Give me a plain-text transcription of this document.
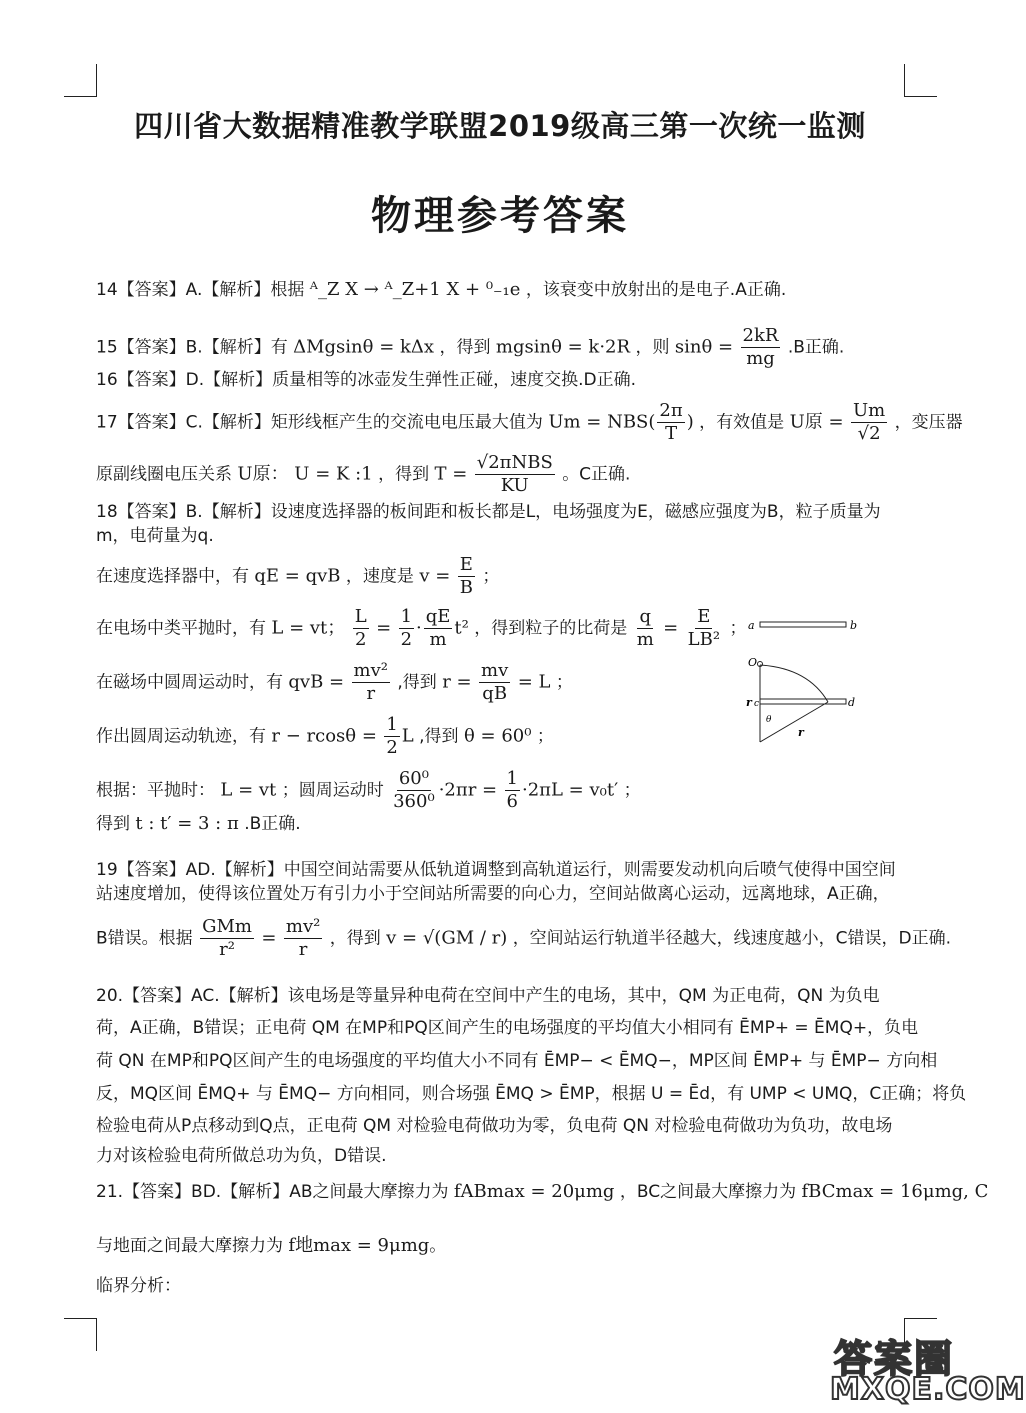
四川省大数据精准教学联盟2019级高三第一次统一监测
物理参考答案
14【答案】A.【解析】根据 ᴬ_Z X → ᴬ_Z+1 X + ⁰₋₁e ，该衰变中放射出的是电子.A正确.
15【答案】B.【解析】有 ΔMgsinθ = kΔx ，得到 mgsinθ = k·2R ，则 $\sin\theta = \frac{2kR}{mg} .B$正确.
16【答案】D.【解析】质量相等的冰壶发生弹性正碰，速度交换.D正确.
17【答案】C.【解析】矩形线框产生的交流电电压最大值为 $Um = NBS( \frac{2\pi}{T}$ ) ，有效值是 U原 = $\frac{Um}{√2}$ ，变压器
原副线圈电压关系 U原： U = K :1 ，得到 $T = \frac{\text{√2πNBS}}{KU}$ 。C正确.
18【答案】B.【解析】设速度选择器的板间距和板长都是L，电场强度为E，磁感应强度为B，粒子质量为
m，电荷量为q.
在速度选择器中，有 qE = qvB ，速度是 $v = \frac{E}{B}$ ；
在电场中类平抛时，有 L = vt； $\frac{L}{2} = \frac{1}{2} \cdot \frac{qE}{m} t^2$ ，得到粒子的比荷是 $\frac{q}{m} = \frac{E}{\text{LB²}}$ ；
在磁场中圆周运动时，有 qvB = $\frac{\text{mv²}}{r}$ ,得到 $r = \frac{mv}{qB} = L$ ；
作出圆周运动轨迹，有 $r - rcos\theta = \frac{1}{2}$ L ,得到 θ = 60⁰ ；
根据：平抛时： L = vt ；圆周运动时 $\frac{\text{60⁰}}{\text{360⁰}} \cdot 2\pi r = \frac{1}{6} \cdot 2\pi L = v_0t'$ ；
得到 t : t′ = 3 : π .B正确.
a	b
O
r c	d
θ
r
19【答案】AD.【解析】中国空间站需要从低轨道调整到高轨道运行，则需要发动机向后喷气使得中国空间
站速度增加，使得该位置处万有引力小于空间站所需要的向心力，空间站做离心运动，远离地球，A正确，
B错误。根据 $\frac{\text{GMm}}{\text{r²}} = \frac{\text{mv²}}{r}$ ，得到 v = √(GM / r) ，空间站运行轨道半径越大，线速度越小，C错误，D正确.
20.【答案】AC.【解析】该电场是等量异种电荷在空间中产生的电场，其中，QM 为正电荷，QN 为负电
荷，A正确，B错误；正电荷 QM 在MP和PQ区间产生的电场强度的平均值大小相同有 ĒMP+ = ĒMQ+，负电
荷 QN 在MP和PQ区间产生的电场强度的平均值大小不同有 ĒMP− < ĒMQ−，MP区间 ĒMP+ 与 ĒMP− 方向相
反，MQ区间 ĒMQ+ 与 ĒMQ− 方向相同，则合场强 ĒMQ > ĒMP，根据 U = Ēd，有 UMP < UMQ，C正确；将负
检验电荷从P点移动到Q点，正电荷 QM 对检验电荷做功为零，负电荷 QN 对检验电荷做功为负功，故电场
力对该检验电荷所做总功为负，D错误.
21.【答案】BD.【解析】AB之间最大摩擦力为 fABmax = 20μmg ，BC之间最大摩擦力为 fBCmax = 16μmg, C
与地面之间最大摩擦力为 f地max = 9μmg。
临界分析：
答案圈
MXQE.COM
